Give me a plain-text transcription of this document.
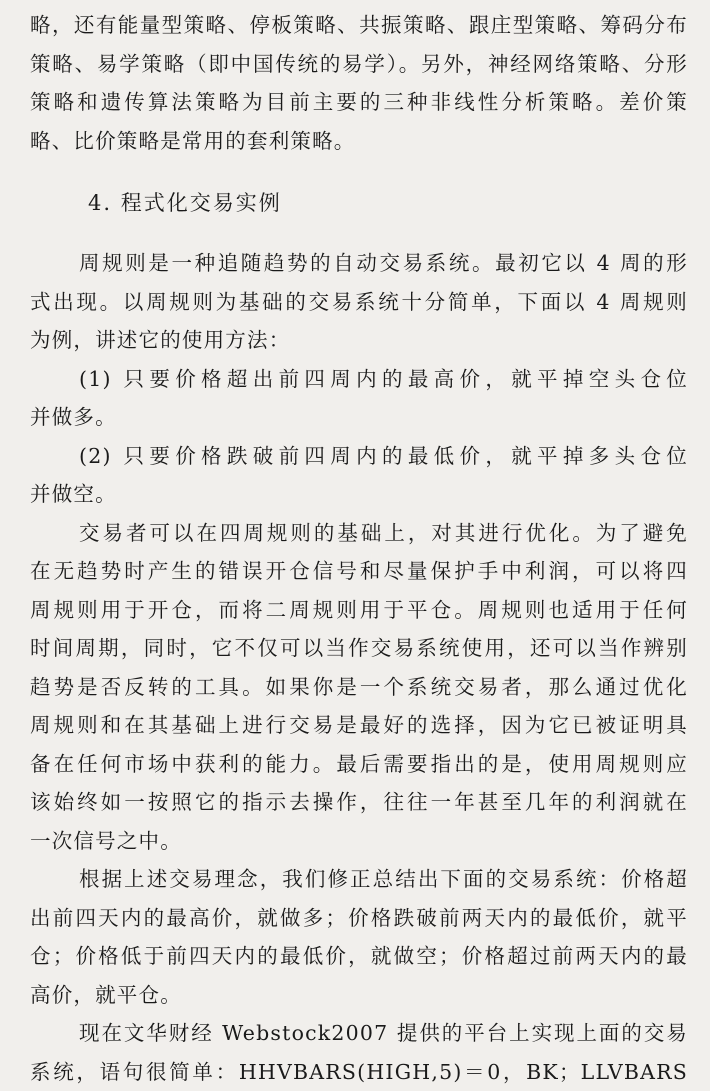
略，还有能量型策略、停板策略、共振策略、跟庄型策略、筹码分布
策略、易学策略（即中国传统的易学）。另外，神经网络策略、分形
策略和遗传算法策略为目前主要的三种非线性分析策略。差价策
略、比价策略是常用的套利策略。
4. 程式化交易实例
周规则是一种追随趋势的自动交易系统。最初它以 4 周的形
式出现。以周规则为基础的交易系统十分简单，下面以 4 周规则
为例，讲述它的使用方法：
(1) 只要价格超出前四周内的最高价，就平掉空头仓位
并做多。
(2) 只要价格跌破前四周内的最低价，就平掉多头仓位
并做空。
交易者可以在四周规则的基础上，对其进行优化。为了避免
在无趋势时产生的错误开仓信号和尽量保护手中利润，可以将四
周规则用于开仓，而将二周规则用于平仓。周规则也适用于任何
时间周期，同时，它不仅可以当作交易系统使用，还可以当作辨别
趋势是否反转的工具。如果你是一个系统交易者，那么通过优化
周规则和在其基础上进行交易是最好的选择，因为它已被证明具
备在任何市场中获利的能力。最后需要指出的是，使用周规则应
该始终如一按照它的指示去操作，往往一年甚至几年的利润就在
一次信号之中。
根据上述交易理念，我们修正总结出下面的交易系统：价格超
出前四天内的最高价，就做多；价格跌破前两天内的最低价，就平
仓；价格低于前四天内的最低价，就做空；价格超过前两天内的最
高价，就平仓。
现在文华财经 Webstock2007 提供的平台上实现上面的交易
系统，语句很简单：HHVBARS(HIGH,5)＝0，BK；LLVBARS
